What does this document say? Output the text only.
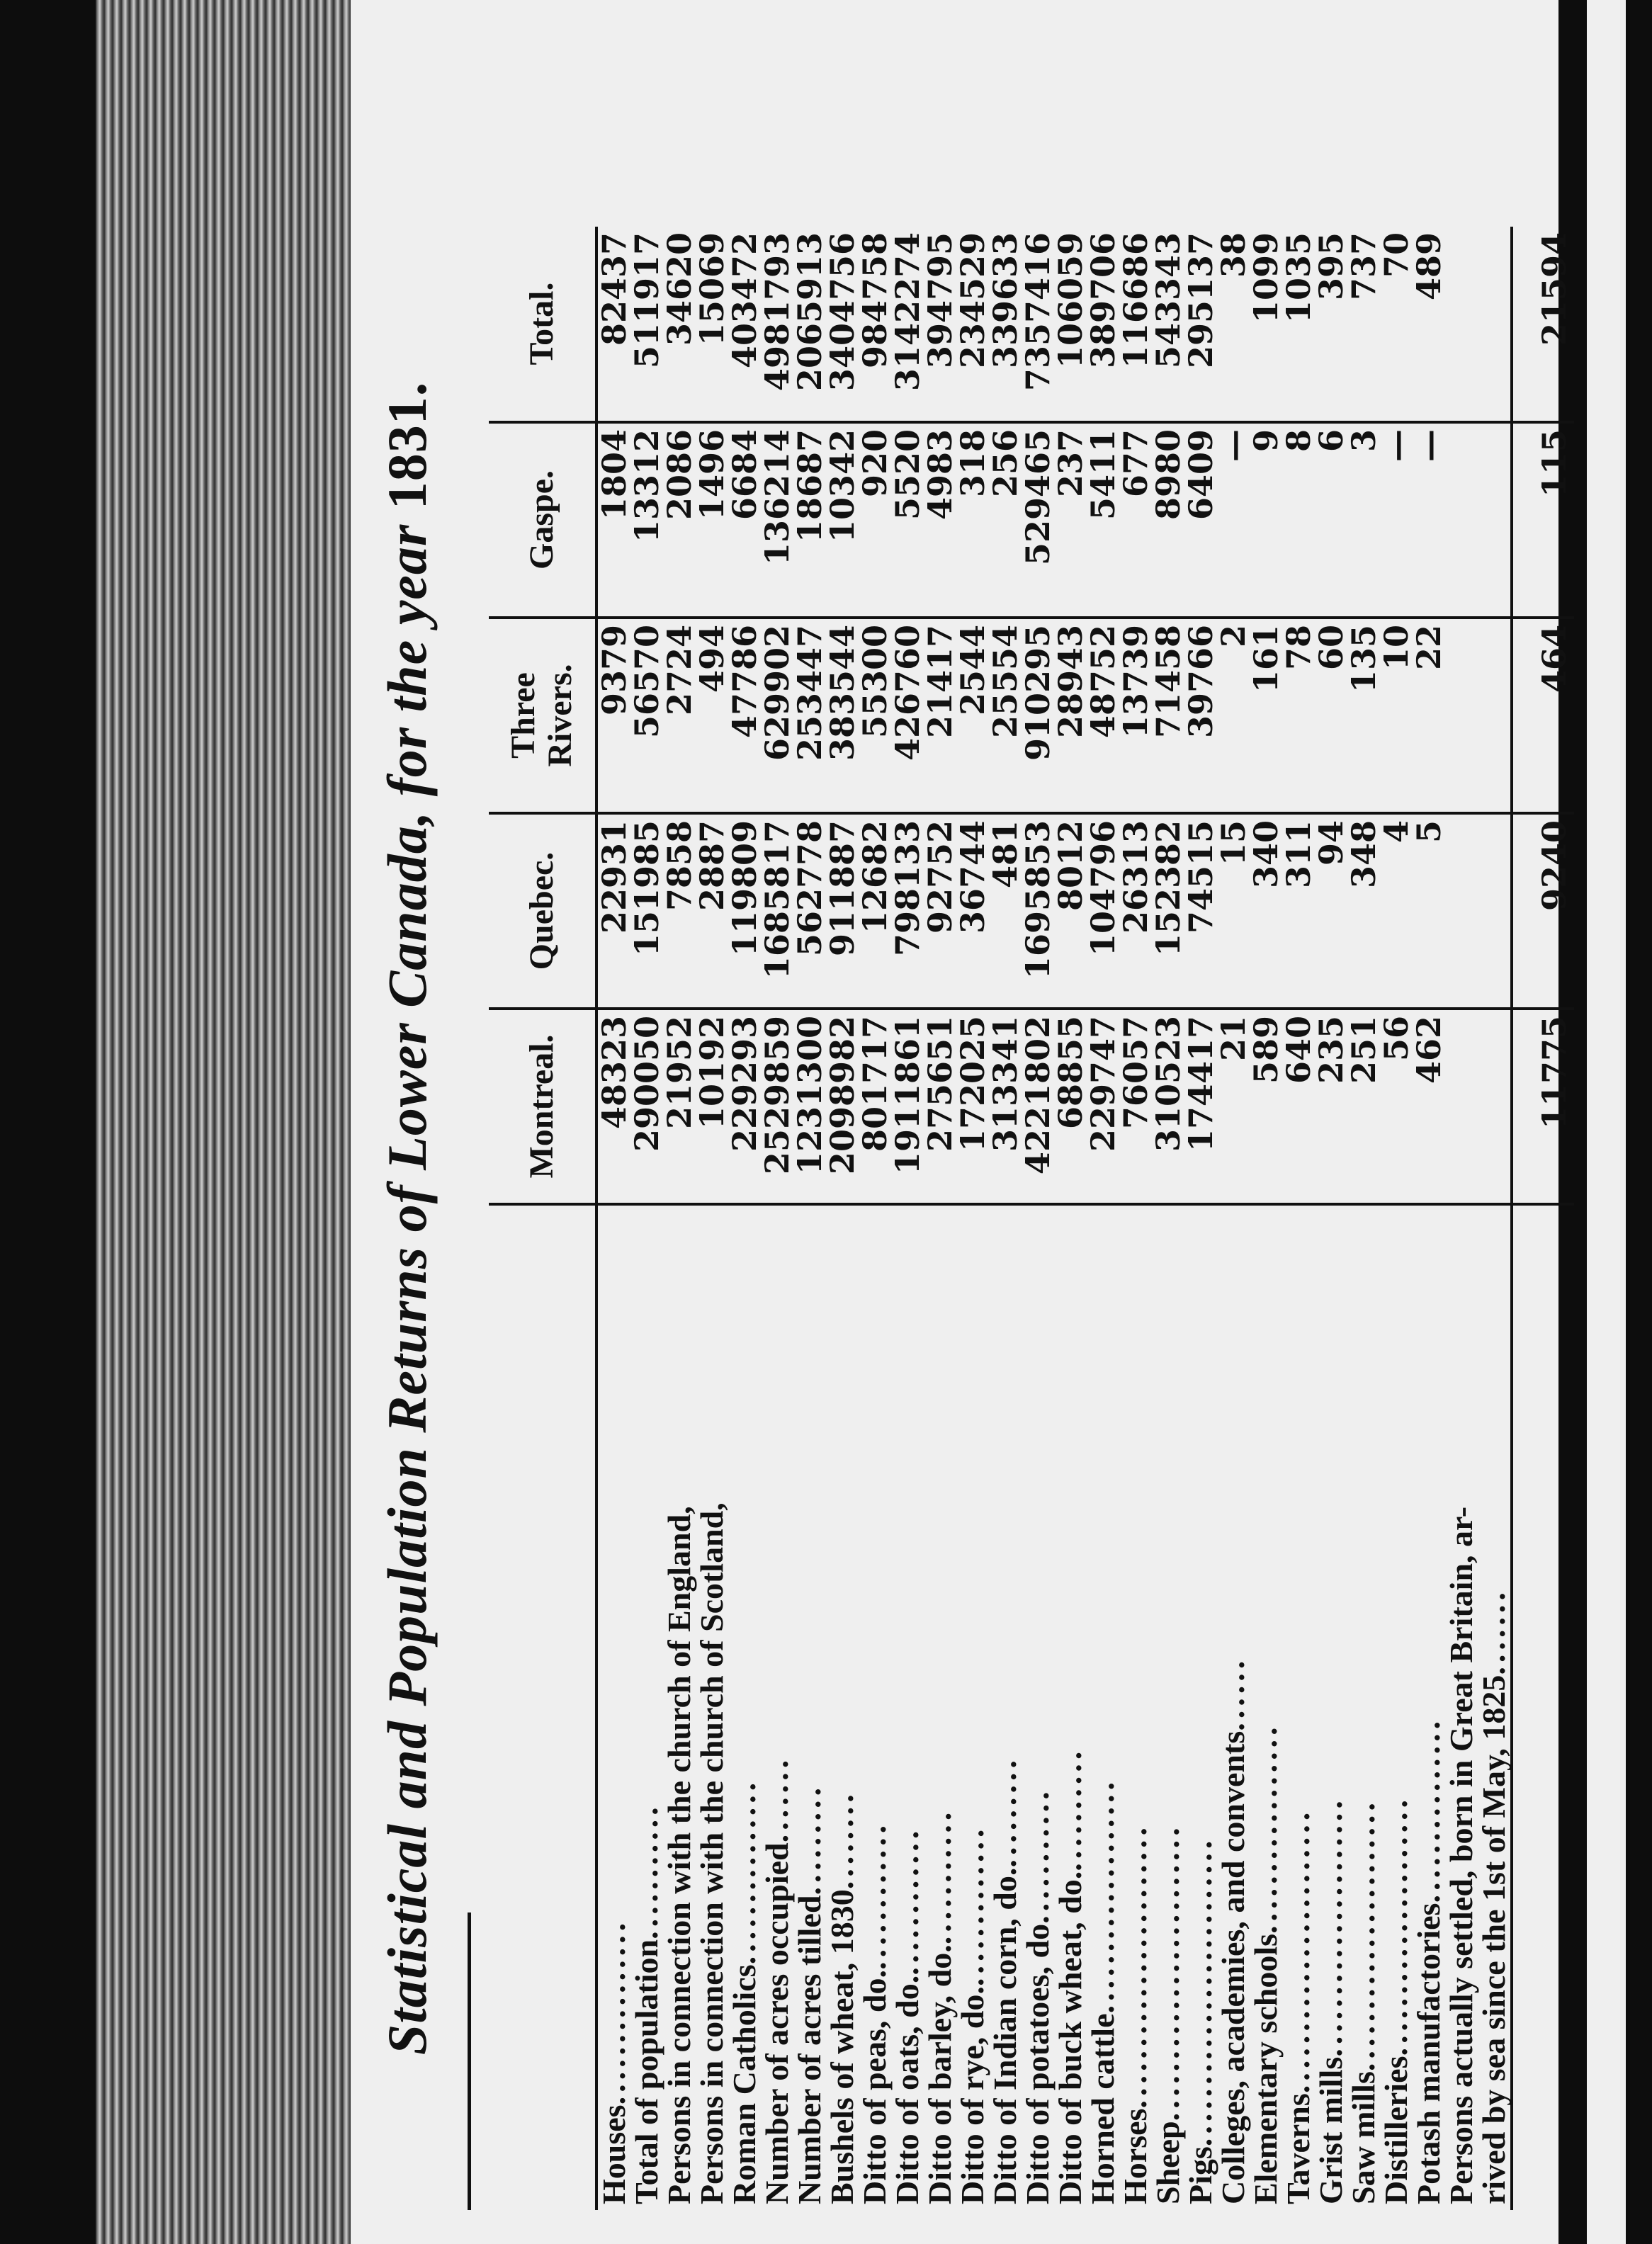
Statistical and Population Returns of Lower Canada, for the year 1831.
	Montreal.	Quebec.	Three Rivers.	Gaspe.	Total.
Houses...............	48323	22931	9379	1804	82437
Total of population...........	290050	151985	56570	13312	511917
Persons in connection with the church of England,	21952	7858	2724	2086	34620
Persons in connection with the church of Scotland,	10192	2887	494	1496	15069
Roman Catholics...............	229293	119809	47786	6684	403472
Number of acres occupied.......	2529859	1685817	629902	136214	4981793
Number of acres tilled.........	1231300	562778	253447	18687	2065913
Bushels of wheat, 1830........	2098982	911887	383544	10342	3404756
Ditto of peas, do.............	801717	12682	55300	920	984758
Ditto of oats, do.............	1911861	798133	426760	5520	3142274
Ditto of barley, do............	275651	92752	21417	4983	394795
Ditto of rye, do..............	172025	36744	2544	318	234529
Ditto of Indian corn, do..........	313341	481	25554	256	339633
Ditto of potatoes, do...........	4221802	1695853	910295	529465	7357416
Ditto of buck wheat, do...........	68855	8012	28943	237	106059
Horned cattle...................	229747	104796	48752	5411	389706
Horses.......................	76057	26313	13739	677	116686
Sheep........................	310523	152382	71458	8980	543343
Pigs.........................	174417	74515	39766	6409	295137
Colleges, academies, and convents......	21	15	2	—	38
Elementary schools.................	589	340	161	9	1099
Taverns.......................	640	311	78	8	1035
Grist mills.....................	235	94	60	6	395
Saw mills......................	251	348	135	3	737
Distilleries.....................	56	4	10	—	70
Potash manufactories...............	462	5	22	—	489
Persons actually settled, born in Great Britain, ar-					
rived by sea since the 1st of May, 1825.......					
	11775	9240	464	115	21594
